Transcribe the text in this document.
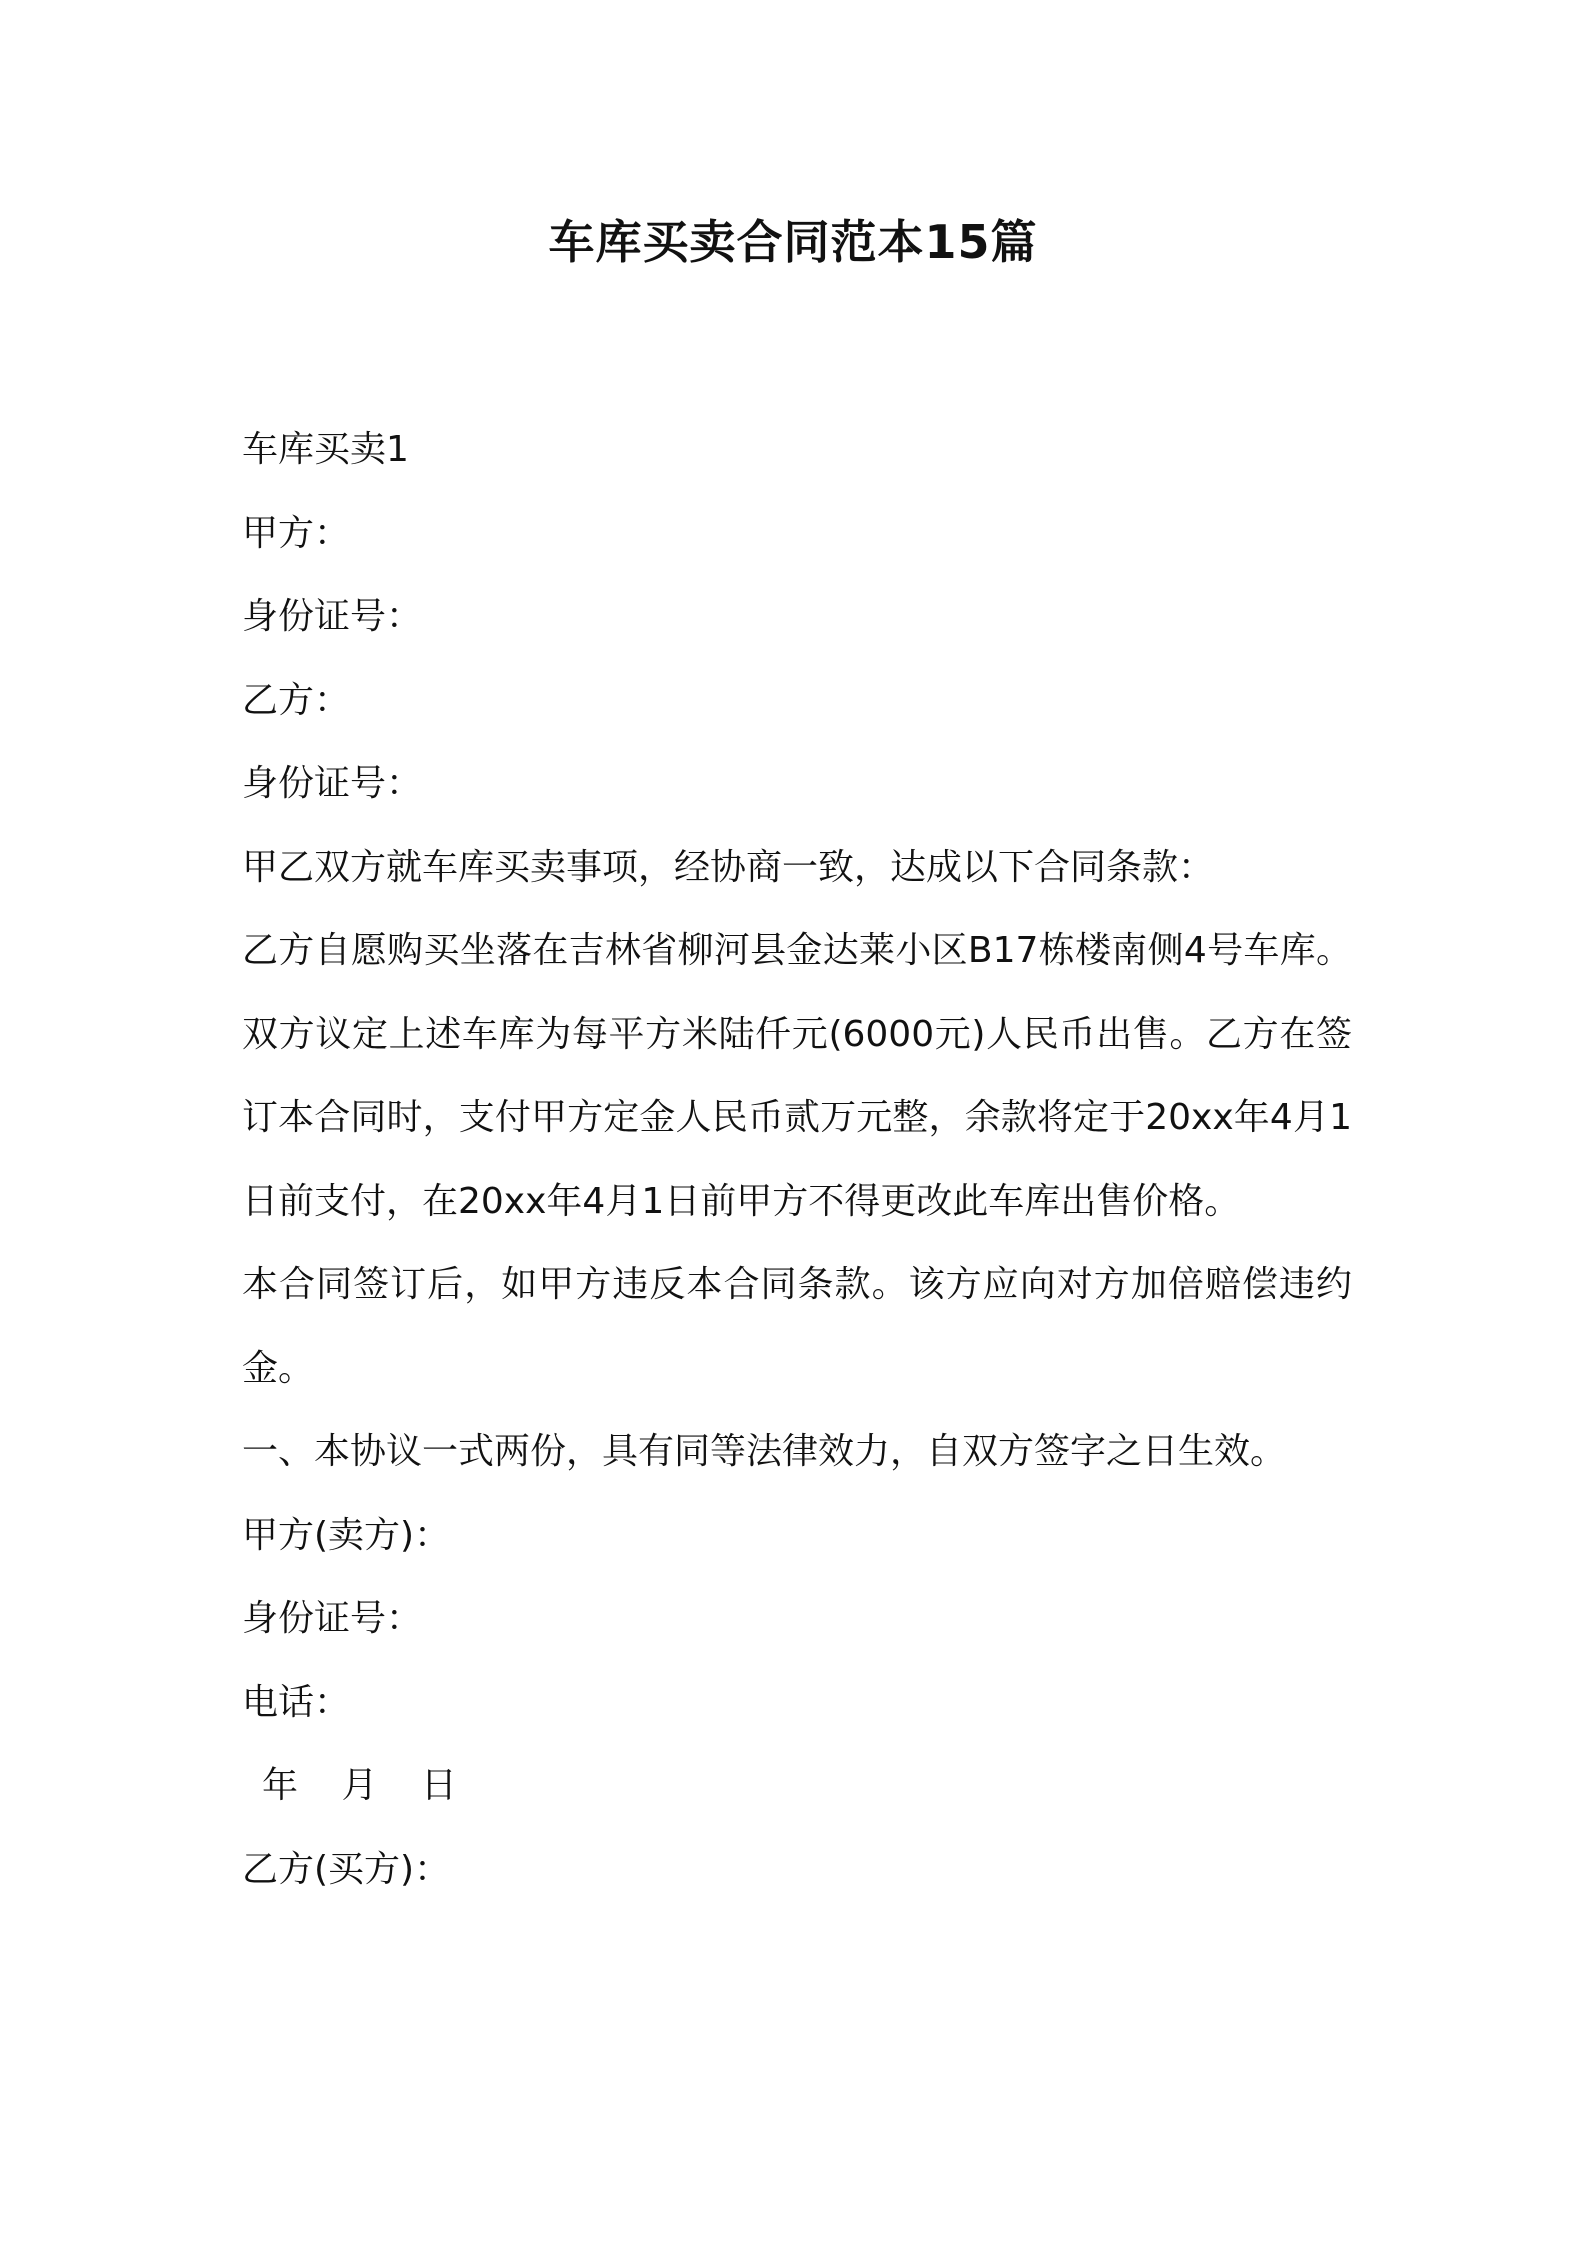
车库买卖合同范本15篇

车库买卖1

甲方：

身份证号：

乙方：

身份证号：

甲乙双方就车库买卖事项，经协商一致，达成以下合同条款：

乙方自愿购买坐落在吉林省柳河县金达莱小区B17栋楼南侧4号车库。双方议定上述车库为每平方米陆仟元(6000元)人民币出售。乙方在签订本合同时，支付甲方定金人民币贰万元整，余款将定于20xx年4月1日前支付，在20xx年4月1日前甲方不得更改此车库出售价格。

本合同签订后，如甲方违反本合同条款。该方应向对方加倍赔偿违约金。

一、本协议一式两份，具有同等法律效力，自双方签字之日生效。

甲方(卖方)：

身份证号：

电话：

年 月 日

乙方(买方)：
